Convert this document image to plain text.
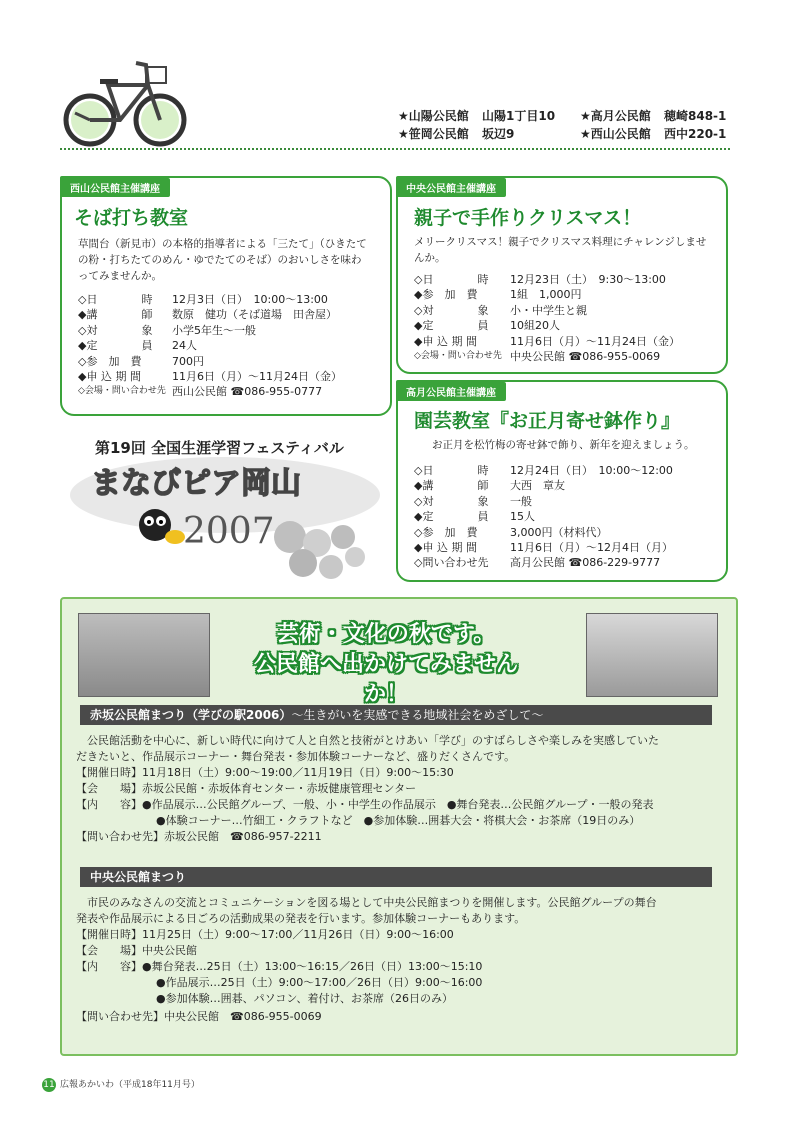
★山陽公民館 山陽1丁目10 ★高月公民館 穂崎848-1
★笹岡公民館 坂辺9	★西山公民館 西中220-1
西山公民館主催講座
そば打ち教室
草間台（新見市）の本格的指導者による「三たて」（ひきたての粉・打ちたてのめん・ゆでたてのそば）のおいしさを味わってみませんか。
◇日　　　　時 12月3日（日）　10:00～13:00
◆講　　　　師 数原　健功（そば道場　田舎屋）
◇対　　　　象 小学5年生～一般
◆定　　　　員 24人
◇参　加　費	700円
◆申 込 期 間	11月6日（月）～11月24日（金）
◇会場・問い合わせ先 西山公民館 ☎086-955-0777
中央公民館主催講座
親子で手作りクリスマス！
メリークリスマス！親子でクリスマス料理にチャレンジしませんか。
◇日　　　　時 12月23日（土）　9:30～13:00
◆参　加　費	1組　1,000円
◇対　　　　象 小・中学生と親
◆定　　　　員 10組20人
◆申 込 期 間	11月6日（月）～11月24日（金）
◇会場・問い合わせ先 中央公民館 ☎086-955-0069
高月公民館主催講座
園芸教室『お正月寄せ鉢作り』
お正月を松竹梅の寄せ鉢で飾り、新年を迎えましょう。
◇日　　　　時 12月24日（日）　10:00～12:00
◆講　　　　師 大西　章友
◇対　　　　象 一般
◆定　　　　員 15人
◇参　加　費	3,000円（材料代）
◆申 込 期 間	11月6日（月）～12月4日（月）
◇問い合わせ先 高月公民館 ☎086-229-9777
第19回 全国生涯学習フェスティバル
まなびピア岡山
2007
赤坂公民館まつり（学びの駅2006）～生きがいを実感できる地域社会をめざして～
　公民館活動を中心に、新しい時代に向けて人と自然と技術がとけあい「学び」のすばらしさや楽しみを実感していた
だきたいと、作品展示コーナー・舞台発表・参加体験コーナーなど、盛りだくさんです。
【開催日時】11月18日（土）9:00～19:00／11月19日（日）9:00～15:30
【会　　場】赤坂公民館・赤坂体育センター・赤坂健康管理センター
【内　　容】●作品展示…公民館グループ、一般、小・中学生の作品展示　●舞台発表…公民館グループ・一般の発表
●体験コーナー…竹細工・クラフトなど　●参加体験…囲碁大会・将棋大会・お茶席（19日のみ）
【問い合わせ先】赤坂公民館　☎086-957-2211
中央公民館まつり
　市民のみなさんの交流とコミュニケーションを図る場として中央公民館まつりを開催します。公民館グループの舞台
発表や作品展示による日ごろの活動成果の発表を行います。参加体験コーナーもあります。
【開催日時】11月25日（土）9:00～17:00／11月26日（日）9:00～16:00
【会　　場】中央公民館
【内　　容】●舞台発表…25日（土）13:00～16:15／26日（日）13:00～15:10
●作品展示…25日（土）9:00～17:00／26日（日）9:00～16:00
●参加体験…囲碁、パソコン、着付け、お茶席（26日のみ）
【問い合わせ先】中央公民館　☎086-955-0069
芸術・文化の秋です。
公民館へ出かけてみませんか！
11 広報あかいわ（平成18年11月号）
